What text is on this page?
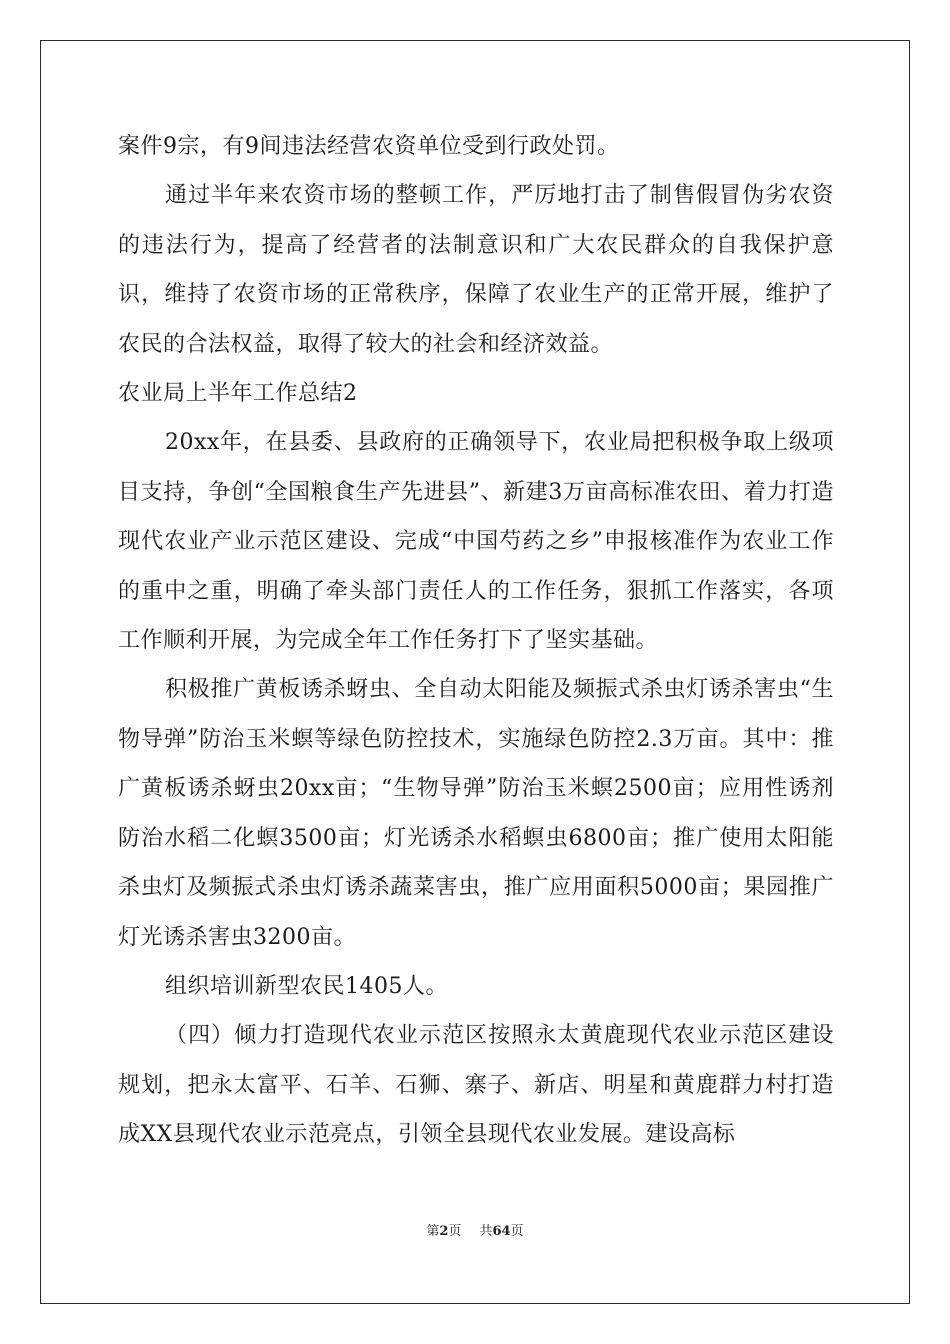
案件9宗，有9间违法经营农资单位受到行政处罚。

通过半年来农资市场的整顿工作，严厉地打击了制售假冒伪劣农资的违法行为，提高了经营者的法制意识和广大农民群众的自我保护意识，维持了农资市场的正常秩序，保障了农业生产的正常开展，维护了农民的合法权益，取得了较大的社会和经济效益。

农业局上半年工作总结2

20xx年，在县委、县政府的正确领导下，农业局把积极争取上级项目支持，争创“全国粮食生产先进县”、新建3万亩高标准农田、着力打造现代农业产业示范区建设、完成“中国芍药之乡”申报核准作为农业工作的重中之重，明确了牵头部门责任人的工作任务，狠抓工作落实，各项工作顺利开展，为完成全年工作任务打下了坚实基础。

积极推广黄板诱杀蚜虫、全自动太阳能及频振式杀虫灯诱杀害虫“生物导弹”防治玉米螟等绿色防控技术，实施绿色防控2.3万亩。其中：推广黄板诱杀蚜虫20xx亩；“生物导弹”防治玉米螟2500亩；应用性诱剂防治水稻二化螟3500亩；灯光诱杀水稻螟虫6800亩；推广使用太阳能杀虫灯及频振式杀虫灯诱杀蔬菜害虫，推广应用面积5000亩；果园推广灯光诱杀害虫3200亩。

组织培训新型农民1405人。

（四）倾力打造现代农业示范区按照永太黄鹿现代农业示范区建设规划，把永太富平、石羊、石狮、寨子、新店、明星和黄鹿群力村打造成XX县现代农业示范亮点，引领全县现代农业发展。建设高标

第2页 共64页
